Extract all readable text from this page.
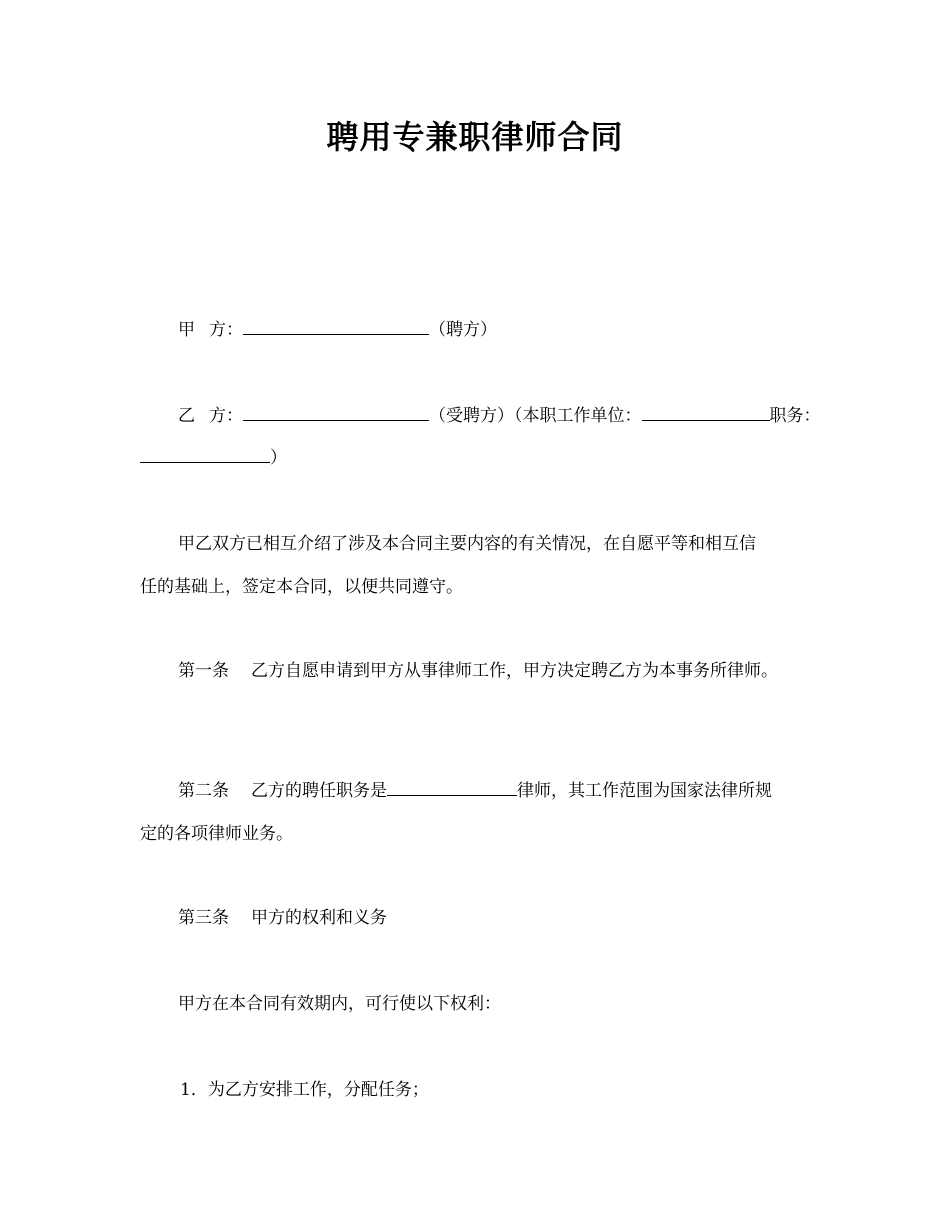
聘用专兼职律师合同
甲 方：	（聘方）
乙 方：	（受聘方）（本职工作单位：	职务：
）
甲乙双方已相互介绍了涉及本合同主要内容的有关情况，在自愿平等和相互信
任的基础上，签定本合同，以便共同遵守。
第一条 乙方自愿申请到甲方从事律师工作，甲方决定聘乙方为本事务所律师。
第二条 乙方的聘任职务是	律师，其工作范围为国家法律所规
定的各项律师业务。
第三条 甲方的权利和义务
甲方在本合同有效期内，可行使以下权利：
1．为乙方安排工作，分配任务；
